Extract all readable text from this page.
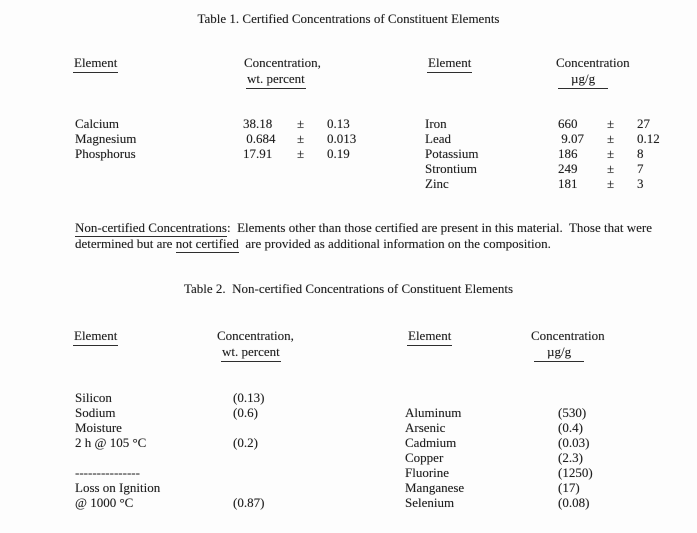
Table 1. Certified Concentrations of Constituent Elements
Element	Concentration,
wt. percent
Element	Concentration
µg/g
Calcium	38.18	±	0.13
Magnesium	0.684	±	0.013
Phosphorus	17.91	±	0.19
Iron	660	±	27
Lead	9.07	±	0.12
Potassium	186	±	8
Strontium	249	±	7
Zinc	181	±	3
Non-certified Concentrations:  Elements other than those certified are present in this material.  Those that were
determined but are not certified  are provided as additional information on the composition.
Table 2.  Non-certified Concentrations of Constituent Elements
Element	Concentration,
wt. percent
Element	Concentration
µg/g
Silicon	(0.13)
Sodium	(0.6)
Moisture
2 h @ 105 °C	(0.2)
---------------
Loss on Ignition
@ 1000 °C	(0.87)
Aluminum	(530)
Arsenic	(0.4)
Cadmium	(0.03)
Copper	(2.3)
Fluorine	(1250)
Manganese	(17)
Selenium	(0.08)
